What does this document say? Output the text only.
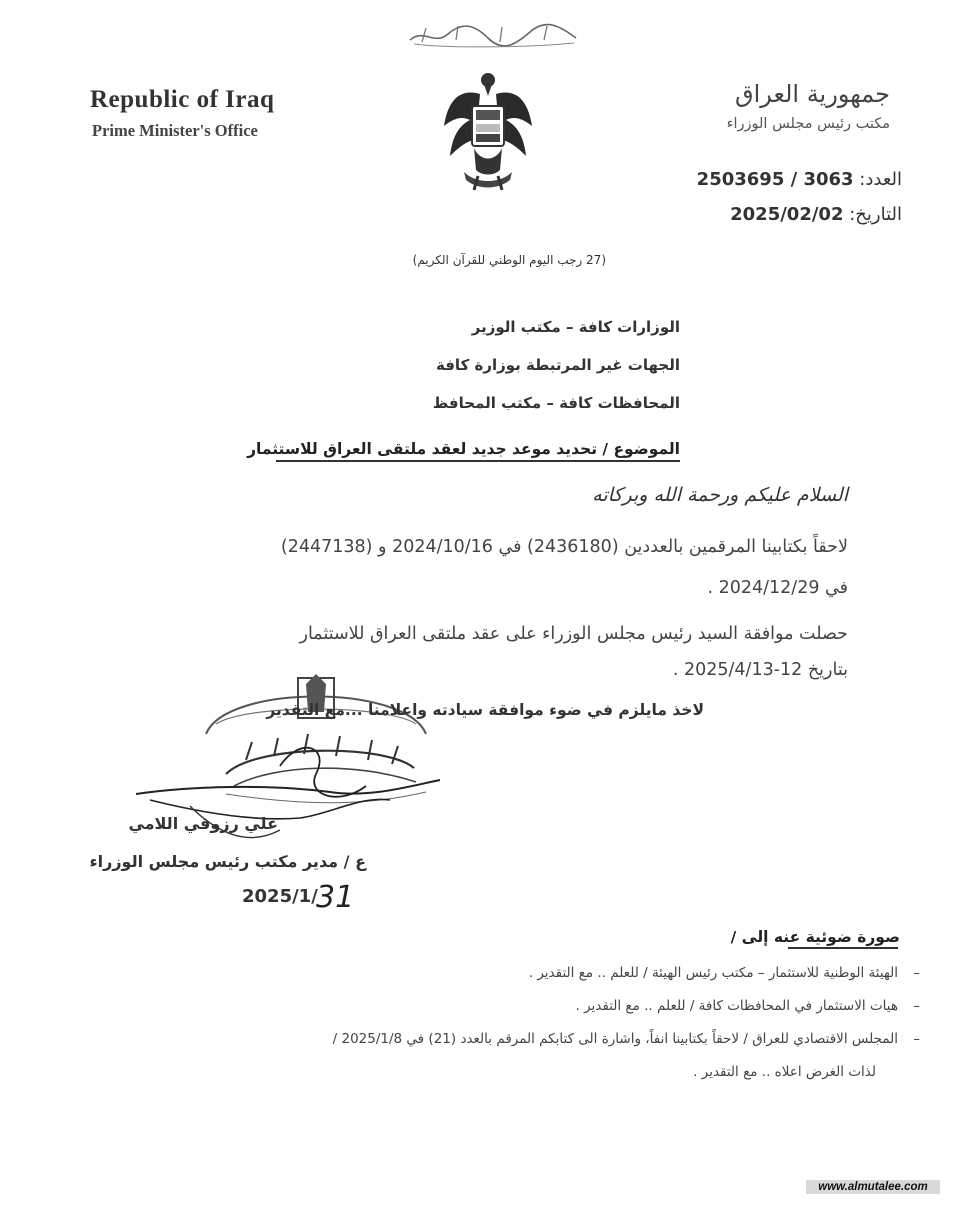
Republic of Iraq
Prime Minister's Office
جمهورية العراق
مكتب رئيس مجلس الوزراء
العدد: 2503695 / 3063
التاريخ: 2025/02/02
(27 رجب اليوم الوطني للقرآن الكريم)
الوزارات كافة – مكتب الوزير
الجهات غير المرتبطة بوزارة كافة
المحافظات كافة – مكتب المحافظ
الموضوع / تحديد موعد جديد لعقد ملتقى العراق للاستثمار
السلام عليكم ورحمة الله وبركاته
لاحقاً بكتابينا المرقمين بالعددين (2436180) في 2024/10/16 و (2447138)
في 2024/12/29 .
حصلت موافقة السيد رئيس مجلس الوزراء على عقد ملتقى العراق للاستثمار
بتاريخ 12-2025/4/13 .
لاخذ مايلزم في ضوء موافقة سيادته واعلامنا ...مع التقدير
علي رزوقي اللامي
ع / مدير مكتب رئيس مجلس الوزراء
2025/1/
31
صورة ضوئية عنه إلى /
–
الهيئة الوطنية للاستثمار – مكتب رئيس الهيئة / للعلم .. مع التقدير .
–
هيات الاستثمار في المحافظات كافة / للعلم .. مع التقدير .
–
المجلس الاقتصادي للعراق / لاحقاً بكتابينا انفاً، واشارة الى كتابكم المرقم بالعدد (21) في 2025/1/8 /
لذات الغرض اعلاه .. مع التقدير .
www.almutalee.com
